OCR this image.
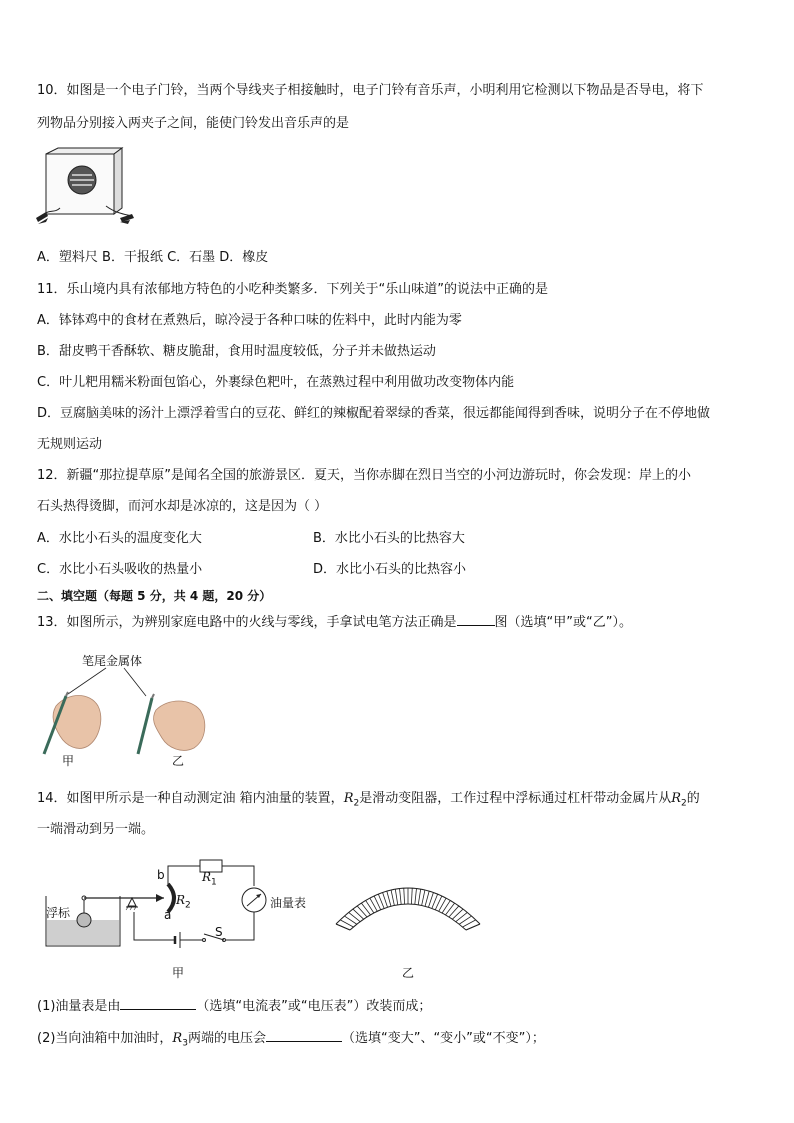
10．如图是一个电子门铃，当两个导线夹子相接触时，电子门铃有音乐声，小明利用它检测以下物品是否导电，将下
列物品分别接入两夹子之间，能使门铃发出音乐声的是
A．塑料尺 B．干报纸 C．石墨 D．橡皮
11．乐山境内具有浓郁地方特色的小吃种类繁多．下列关于“乐山味道”的说法中正确的是
A．钵钵鸡中的食材在煮熟后，晾冷浸于各种口味的佐料中，此时内能为零
B．甜皮鸭干香酥软、糖皮脆甜，食用时温度较低，分子并未做热运动
C．叶儿粑用糯米粉面包馅心，外裹绿色粑叶，在蒸熟过程中利用做功改变物体内能
D．豆腐脑美味的汤汁上漂浮着雪白的豆花、鲜红的辣椒配着翠绿的香菜，很远都能闻得到香味，说明分子在不停地做
无规则运动
12．新疆“那拉提草原”是闻名全国的旅游景区．夏天，当你赤脚在烈日当空的小河边游玩时，你会发现：岸上的小
石头热得烫脚，而河水却是冰凉的，这是因为（ ）
A．水比小石头的温度变化大	B．水比小石头的比热容大
C．水比小石头吸收的热量小	D．水比小石头的比热容小
二、填空题（每题 5 分，共 4 题，20 分）
13．如图所示，为辨别家庭电路中的火线与零线，手拿试电笔方法正确是	图（选填“甲”或“乙”）。
笔尾金属体
甲	乙
14．如图甲所示是一种自动测定油 箱内油量的装置，$R_2$是滑动变阻器，工作过程中浮标通过杠杆带动金属片从$R_2$的
一端滑动到另一端。
浮标
b
a
$R_2$
$R_1$
油量表
S
甲	乙
(1)油量表是由	（选填“电流表”或“电压表”）改装而成；
(2)当向油箱中加油时，$R_3$两端的电压会	（选填“变大”、“变小”或“不变”）；
